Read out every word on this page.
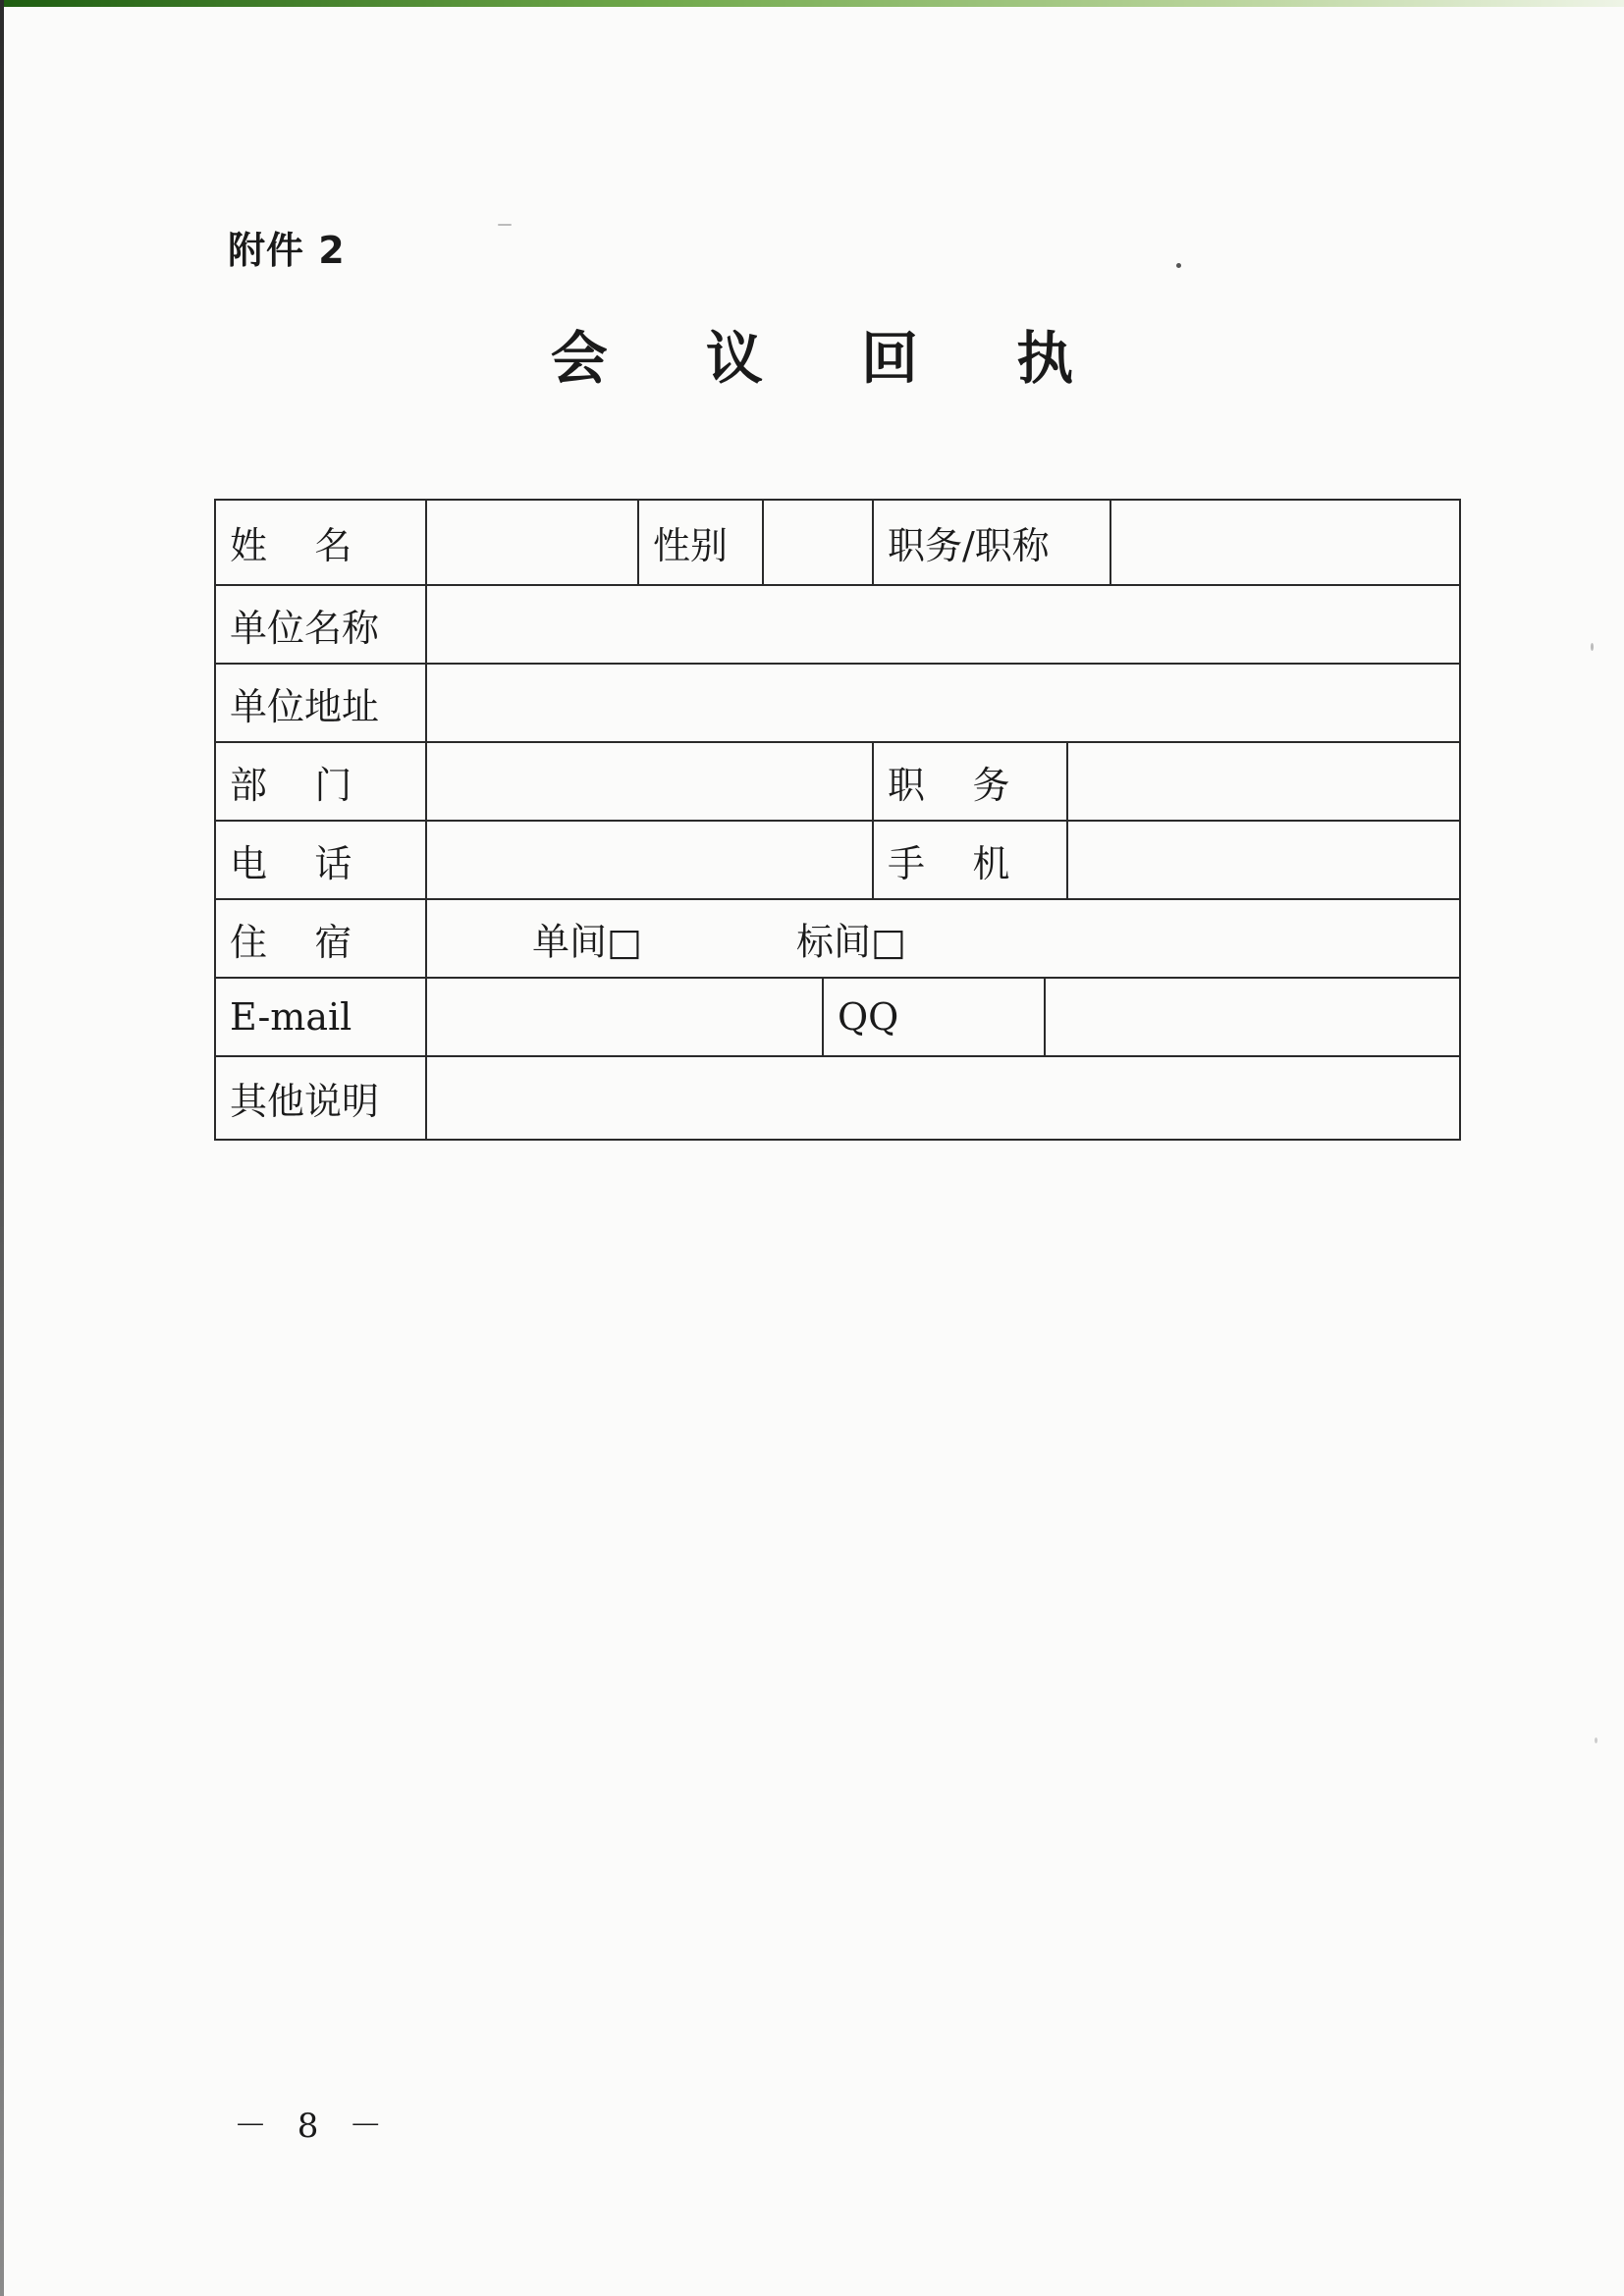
附件 2
会 议 回 执
姓    名	性别	职务/职称
单位名称
单位地址
部    门	职    务
电    话	手    机
住    宿	单间□	标间□
E-mail	QQ
其他说明
－ 8 －
